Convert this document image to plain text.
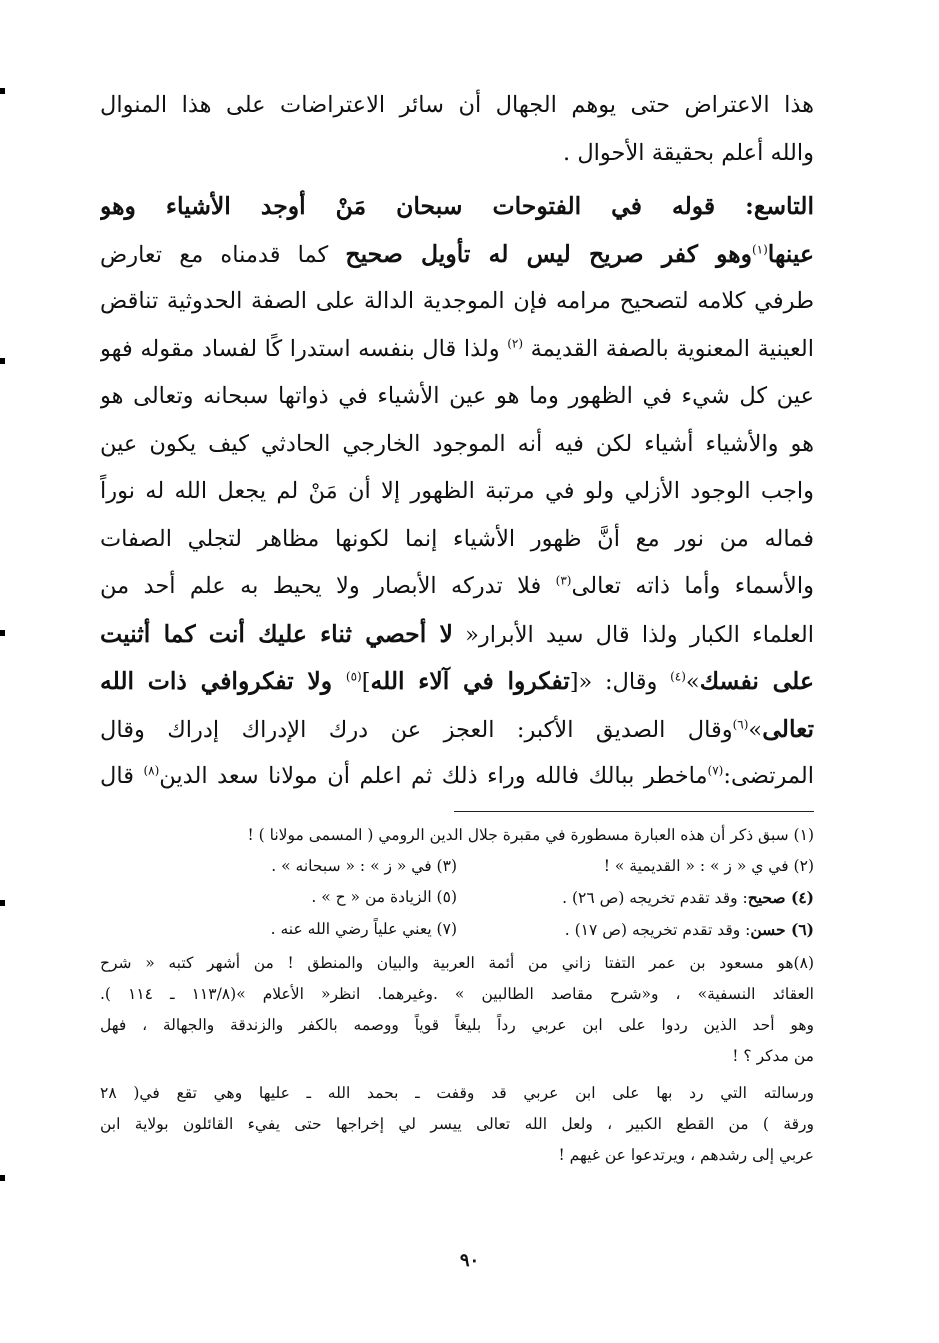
هذا الاعتراض حتى يوهم الجهال أن سائر الاعتراضات على هذا المنوال
والله أعلم بحقيقة الأحوال .
التاسع: قوله في الفتوحات سبحان مَنْ أوجد الأشياء وهو
عينها$^{(١)}$وهو كفر صريح ليس له تأويل صحيح كما قدمناه مع تعارض
طرفي كلامه لتصحيح مرامه فإن الموجدية الدالة على الصفة الحدوثية تناقض
العينية المعنوية بالصفة القديمة $^{(٢)}$ ولذا قال بنفسه استدرا كًا لفساد مقوله فهو
عين كل شيء في الظهور وما هو عين الأشياء في ذواتها سبحانه وتعالى هو
هو والأشياء أشياء لكن فيه أنه الموجود الخارجي الحادثي كيف يكون عين
واجب الوجود الأزلي ولو في مرتبة الظهور إلا أن مَنْ لم يجعل الله له نوراً
فماله من نور مع أنَّ ظهور الأشياء إنما لكونها مظاهر لتجلي الصفات
والأسماء وأما ذاته تعالى$^{(٣)}$ فلا تدركه الأبصار ولا يحيط به علم أحد من
العلماء الكبار ولذا قال سيد الأبرار« لا أحصي ثناء عليك أنت كما أثنيت
على نفسك»$^{(٤)}$ وقال: «[تفكروا في آلاء الله]$^{(٥)}$ ولا تفكروافي ذات الله
تعالى»$^{(٦)}$وقال الصديق الأكبر: العجز عن درك الإدراك إدراك وقال
المرتضى:$^{(٧)}$ماخطر ببالك فالله وراء ذلك ثم اعلم أن مولانا سعد الدين$^{(٨)}$ قال
(١) سبق ذكر أن هذه العبارة مسطورة في مقبرة جلال الدين الرومي ( المسمى مولانا ) !
(٢) في ي « ز » : « القديمية » !
(٣) في « ز » : « سبحانه » .
(٤) صحيح: وقد تقدم تخريجه (ص ٢٦) .
(٥) الزيادة من « ح » .
(٦) حسن: وقد تقدم تخريجه (ص ١٧) .
(٧) يعني علياً رضي الله عنه .
(٨)هو مسعود بن عمر التفتا زاني من أئمة العربية والبيان والمنطق ! من أشهر كتبه « شرح
العقائد النسفية» ، و«شرح مقاصد الطالبين » .وغيرهما. انظر« الأعلام »(١١٣/٨ ـ ١١٤ ).
وهو أحد الذين ردوا على ابن عربي رداً بليغاً قوياً ووصمه بالكفر والزندقة والجهالة ، فهل
من مدكر ؟ !
ورسالته التي رد بها على ابن عربي قد وقفت ـ بحمد الله ـ عليها وهي تقع في( ٢٨
ورقة ) من القطع الكبير ، ولعل الله تعالى ييسر لي إخراجها حتى يفيء القائلون بولاية ابن
عربي إلى رشدهم ، ويرتدعوا عن غيهم !
٩٠
